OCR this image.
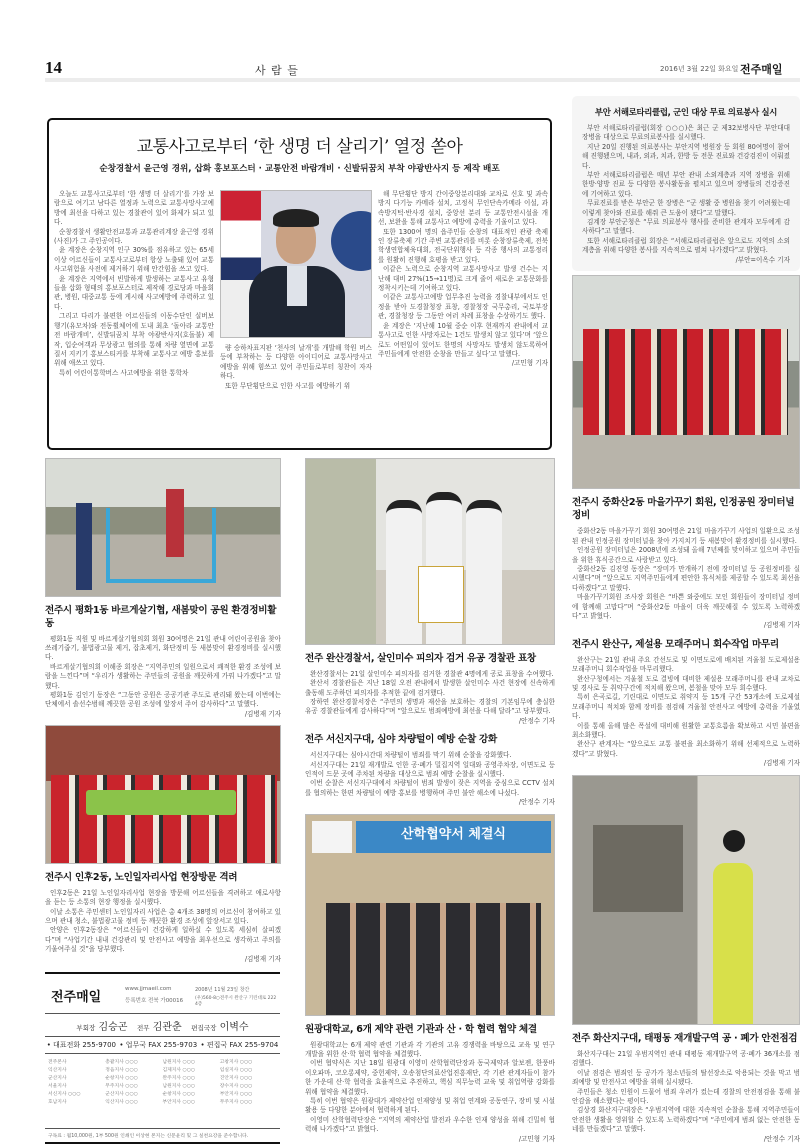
14	사 람 들	2016년 3월 22일 화요일 전주매일
교통사고로부터 ‘한 생명 더 살리기’ 열정 쏟아
순창경찰서 윤근영 경위, 삽화 홍보포스터 · 교통안전 바람개비 · 신발뒤꿈치 부착 야광반사지 등 제작 배포

오늘도 교통사고로부터 ‘한 생명 더 살리기’를 가장 보람으로 여기고 남다른 열정과 노력으로 교통사망사고예방에 최선을 다하고 있는 경찰관이 있어 화제가 되고 있다.

순창경찰서 생활안전교통과 교통관리계장 윤근영 경위(사진)가 그 주인공이다.

윤 계장은 순창지역 인구 30%를 점유하고 있는 65세 이상 어르신들이 교통사고로부터 항상 노출돼 있어 교통사고위험을 사전에 제거하기 위해 안간힘을 쓰고 있다.

윤 계장은 지역에서 빈발하게 발생하는 교통사고 유형들을 삽화 형태의 홍보포스터로 제작해 경로당과 마을회관, 병원, 대중교통 등에 게시해 사고예방에 주력하고 있다.

그리고 다리가 불편한 어르신들의 이동수단인 실버보행기(유모차)와 전동휠체어에 도내 최초 ‘돌아라 교통안전 바람개비’, 신발뒤꿈치 부착 야광반사지(호돌불) 제작, 입순여객과 무상광고 협의를 통해 차량 옆면에 교통질서 지키기 홍보스티커를 부착해 교통사고 예방 홍보를 위해 애쓰고 있다.

특히 어린이통학버스 사고예방을 위한 통학차

량 승하차표지판 ‘천사의 날개’를 개발해 학원 버스 등에 부착하는 등 다양한 아이디어로 교통사망사고 예방을 위해 힘쓰고 있어 주민들로부터 칭찬이 자자하다.

또한 무단횡단으로 인한 사고를 예방하기 위

해 무단횡단 방지 간이중앙분리대와 교차로 신호 및 과속 방지 다기능 카메라 설치, 고정식 무인단속카메라 이설, 과속방지턱·반사경 설치, 중앙선 분리 등 교통안전시설을 개선, 보완을 통해 교통사고 예방에 총력을 기울이고 있다.

또한 1300여 명의 읍주민들 순창의 대표적인 관광 축제인 장류축제 기간 주변 교통관리를 비롯 순창장류축제, 전북학생연합체육대회, 전국단위행사 등 각종 행사의 교통정리를 원활히 진행해 호평을 받고 있다.

이같은 노력으로 순창지역 교통사망사고 발생 건수는 지난해 대비 27%(15→11명)로 크게 줄어 새로운 교통문화를 정착시키는데 기여하고 있다.

이같은 교통사고예방 업무추진 능력을 경찰내부에서도 인정을 받아 도경찰청장 표창, 경찰청장 국무총리, 국토부장관, 경찰청장 등 그동안 여러 차례 표창을 수상하기도 했다.

윤 계장은 ‘지난해 10월 중순 이후 현재까지 관내에서 교통사고로 인한 사망자로는 1건도 발생치 않고 있다’며 ‘앞으로도 어떤일이 있어도 한명의 사망자도 발생치 않도록하여 주민들에게 안전한 순창을 만들고 싶다’고 말했다.

/고민형 기자
부안 서해로타리클럽, 군인 대상 무료 의료봉사 실시

부안 서해로타리클럽(회장 ○○○)은 최근 군 제32보병사단 부안대대 장병을 대상으로 무료의료봉사를 실시했다.

지난 20일 진행된 의료봉사는 부안지역 병원장 등 회원 80여명이 참여해 진행됐으며, 내과, 외과, 치과, 한방 등 전문 진료와 건강검진이 이뤄졌다.

부안 서해로타리클럽은 매년 부안 관내 소외계층과 지역 장병을 위해 한방·양방 진료 등 다양한 봉사활동을 펼치고 있으며 장병들의 건강증진에 기여하고 있다.

무료진료를 받은 부안군 한 장병은 “군 생활 중 병원을 찾기 어려웠는데 이렇게 찾아와 진료를 해줘 큰 도움이 됐다”고 말했다.

김계장 부안군청은 “무료 의료봉사 행사를 준비한 관계자 모두에게 감사하다”고 말했다.

또한 서해로타리클럽 회장은 “서해로타리클럽은 앞으로도 지역의 소외계층을 위해 다양한 봉사를 지속적으로 펼쳐 나가겠다”고 밝혔다.

/부안=이옥수 기자
전주시 중화산2동 마을가꾸기 회원, 인정공원 장미터널 정비

중화산2동 마을가꾸기 회원 30여명은 21일 마을가꾸기 사업의 일환으로 조성된 관내 인정공원 장미터널을 찾아 가지치기 등 새봄맞이 환경정비를 실시했다.

인정공원 장미터널은 2008년에 조성돼 올해 7년째를 맞이하고 있으며 주민들을 위한 휴식공간으로 사랑받고 있다.

중화산2동 김진영 동장은 “장미가 만개하기 전에 장미터널 등 공원정비를 실시했다”며 “앞으로도 지역주민들에게 편안한 휴식처를 제공할 수 있도록 최선을 다하겠다”고 말했다.

마을가꾸기회원 조사장 회원은 “바쁜 와중에도 모인 회원들이 장미터널 정비에 함께해 고맙다”며 “중화산2동 마을이 더욱 깨끗해질 수 있도록 노력하겠다”고 밝혔다.

/김병재 기자
전주시 완산구, 제설용 모래주머니 회수작업 마무리

완산구는 21일 관내 주요 간선도로 및 이면도로에 배치된 겨울철 도로제설용 모래주머니 회수작업을 마무리했다.

완산구청에서는 겨울철 도로 결빙에 대비한 제설용 모래주머니를 관내 교차로 및 경사로 등 취약구간에 적치해 왔으며, 봄철을 맞아 모두 회수했다.

특히 은곡로길, 기린대로 이면도로 취약지 등 15개 구간 53개소에 도로제설 모래주머니 적치와 함께 장비를 점검해 겨울철 안전사고 예방에 총력을 기울였다.

이를 통해 올해 많은 폭설에 대비해 원활한 교통흐름을 확보하고 시민 불편을 최소화했다.

완산구 관계자는 “앞으로도 교통 불편을 최소화하기 위해 선제적으로 노력하겠다”고 밝혔다.

/김병재 기자
전주 화산지구대, 태평동 재개발구역 공 · 폐가 안전점검

화산지구대는 21일 우범지역인 관내 태평동 재개발구역 공·폐가 36개소를 점검했다.

이날 점검은 범죄인 등 공가가 청소년들의 탈선장소로 악용되는 것을 막고 범죄예방 및 안전사고 예방을 위해 실시됐다.

주민들은 청소 인원이 드물어 범죄 우려가 컸는데 경찰의 안전점검을 통해 불안감을 해소했다는 평이다.

김상경 화산지구대장은 “우범지역에 대한 지속적인 순찰을 통해 지역주민들이 안전한 생활을 영위할 수 있도록 노력하겠다”며 “주민에게 범죄 없는 안전한 동네를 만들겠다”고 말했다.

/안정수 기자
전주시 평화1동 바르게살기협, 새봄맞이 공원 환경정비활동

평화1동 직원 및 바르게살기협의회 회원 30여명은 21일 관내 어린이공원을 찾아 쓰레기줍기, 불법광고물 제거, 잡초제거, 화단정비 등 새봄맞이 환경정비를 실시했다.

바르게살기협의회 이해종 회장은 “지역주민의 일원으로서 쾌적한 환경 조성에 보람을 느낀다”며 “우리가 생활하는 주민들의 공원을 깨끗하게 가꿔 나가겠다”고 말했다.

평화1동 김인기 동장은 “그동안 공원은 공공기관 주도로 관리돼 왔는데 이번에는 단체에서 솔선수범해 깨끗한 공원 조성에 앞장서 주어 감사하다”고 말했다.

/김병재 기자
전주시 인후2동, 노인일자리사업 현장방문 격려

인후2동은 21일 노인일자리사업 현장을 방문해 어르신들을 격려하고 애로사항을 듣는 등 소통의 현장 행정을 실시했다.

이날 소통은 주민센터 노인일자리 사업은 총 4개조 38명의 어르신이 참여하고 있으며 관내 청소, 불법광고물 정비 등 깨끗한 환경 조성에 앞장서고 있다.

안양은 인후2동장은 “어르신들이 건강하게 일하실 수 있도록 세심히 살피겠다”며 “사업기간 내내 건강관리 및 안전사고 예방을 최우선으로 생각하고 주의를 기울여주실 것”을 당부했다.

/김병재 기자
전주매일
www.jjmaeil.com
등록번호 전북 가00016
2008년 11월 23일 창간
(우)560-8○전주시 완산구 기린대로 222 4층
부회장 김승곤 전무 김관춘 편집국장 이벽수
• 대표전화 255-9700 • 업무국 FAX 255-9703 • 편집국 FAX 255-9704
전주본사	총괄지사 ○○○	남원지사 ○○○	고창지사 ○○○
익산지사	정읍지사 ○○○	김제지사 ○○○	임실지사 ○○○
군산지사	순창지사 ○○○	완주지사 ○○○	진안지사 ○○○
서울지사	무주지사 ○○○	남원지사 ○○○	장수지사 ○○○
서신지사 ○○○	군산지사 ○○○	순창지사 ○○○	부안지사 ○○○
호남지사	익산지사 ○○○	부안지사 ○○○	무주지사 ○○○
구독료 : 월10,000원, 1부 500원 인쇄인 이상현 본지는 신문윤리 및 그 실천요강을 준수합니다.
전주 완산경찰서, 살인미수 피의자 검거 유공 경찰관 표창

완산경찰서는 21일 살인미수 피의자를 검거한 경찰관 4명에게 공로 표창을 수여했다.

완산서 경찰관들은 지난 18일 오전 관내에서 발생한 살인미수 사건 현장에 신속하게 출동해 도주하던 피의자를 추적한 끝에 검거했다.

장하연 완산경찰서장은 “주민의 생명과 재산을 보호하는 경찰의 기본임무에 충실한 유공 경찰관들에게 감사하다”며 “앞으로도 범죄예방에 최선을 다해 달라”고 당부했다.

/안정수 기자
전주 서신지구대, 심야 차량털이 예방 순찰 강화

서신지구대는 심야시간대 차량털이 범죄를 막기 위해 순찰을 강화했다.

서신지구대는 21일 재개발로 인한 공·폐가 밀집지역 일대와 공영주차장, 이면도로 등 인적이 드문 곳에 주차된 차량을 대상으로 범죄 예방 순찰을 실시했다.

이번 순찰은 서신지구대에서 차량털이 범죄 발생이 잦은 지역을 중심으로 CCTV 설치를 협의하는 한편 차량털이 예방 홍보를 병행하며 주민 불안 해소에 나섰다.

/안정수 기자
산학협약서 체결식
원광대학교, 6개 제약 관련 기관과 산 · 학 협력 협약 체결

원광대학교는 6개 제약 관련 기관과 각 기관의 고유 경쟁력을 바탕으로 교육 및 연구개발을 위한 산·학 협력 협약을 체결했다.

이번 협약식은 지난 18일 원광대 이영미 산학협력단장과 동국제약과 알보젠, 한풍바이오파마, 코오롱제약, 중헌제약, 오송첨단의료산업진흥재단, 각 기관 관계자들이 참가한 가운데 산·학 협력을 효율적으로 추진하고, 핵심 직무능력 교육 및 취업역량 강화를 위해 협약을 체결했다.

특히 이번 협약은 원광대가 제약산업 인재양성 및 취업 연계와 공동연구, 장비 및 시설 활용 등 다양한 분야에서 협력하게 된다.

이영미 산학협력단장은 “지역의 제약산업 발전과 우수한 인재 양성을 위해 긴밀히 협력해 나가겠다”고 밝혔다.

/고민형 기자
